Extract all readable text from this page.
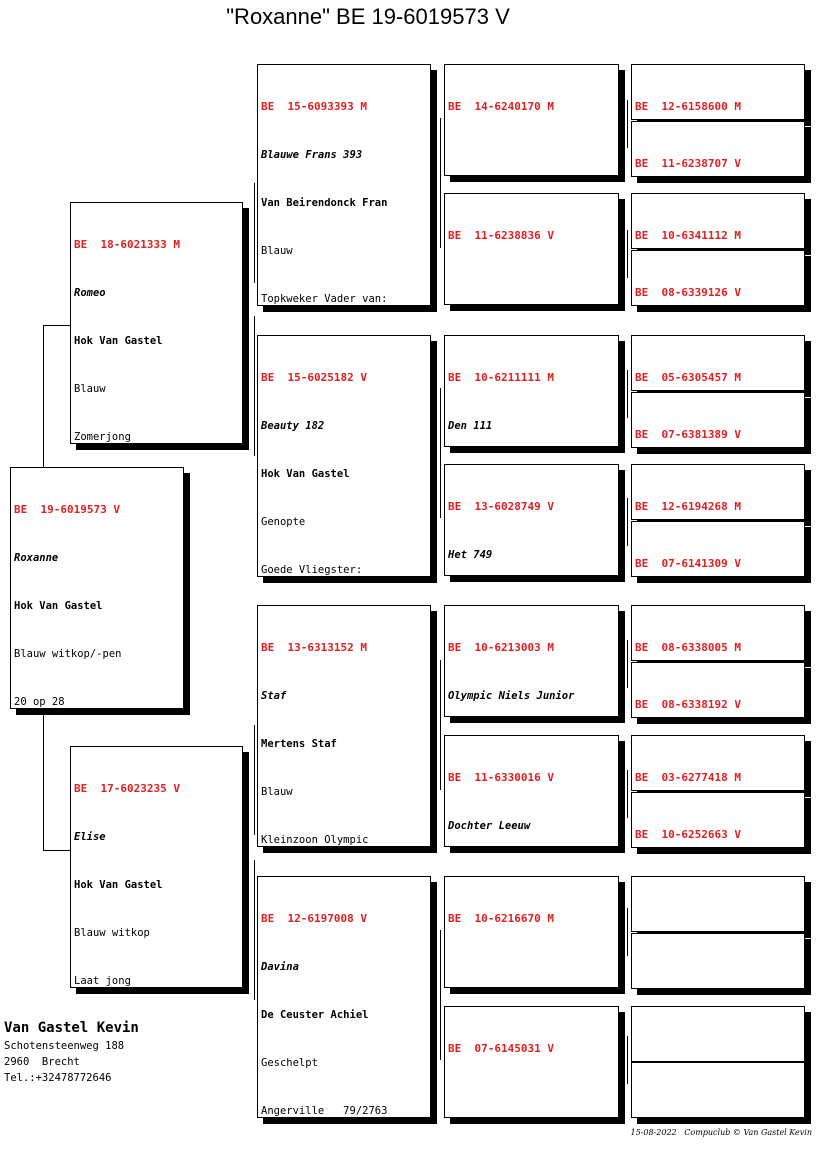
"Roxanne" BE 19-6019573 V

BE  19-6019573 V

Roxanne

Hok Van Gastel

Blauw witkop/-pen

20 op 28

BE  18-6021333 M

Romeo

Hok Van Gastel

Blauw

Zomerjong

BE  17-6023235 V

Elise

Hok Van Gastel

Blauw witkop

Laat jong

BE  15-6093393 M

Blauwe Frans 393

Van Beirendonck Fran

Blauw

Topkweker Vader van:

BE  15-6025182 V

Beauty 182

Hok Van Gastel

Genopte

Goede Vliegster:

BE  13-6313152 M

Staf

Mertens Staf

Blauw

Kleinzoon Olympic

BE  12-6197008 V

Davina

De Ceuster Achiel

Geschelpt

Angerville   79/2763

BE  14-6240170 M

BE  11-6238836 V

BE  10-6211111 M

Den 111

BE  13-6028749 V

Het 749

BE  10-6213003 M

Olympic Niels Junior

BE  11-6330016 V

Dochter Leeuw

BE  10-6216670 M

BE  07-6145031 V

BE  12-6158600 M

BE  11-6238707 V

BE  10-6341112 M

BE  08-6339126 V

BE  05-6305457 M

BE  07-6381389 V

BE  12-6194268 M

BE  07-6141309 V

BE  08-6338005 M

BE  08-6338192 V

BE  03-6277418 M

BE  10-6252663 V

Van Gastel Kevin
Schotensteenweg 188
2960  Brecht
Tel.:+32478772646
15-08-2022   Compuclub © Van Gastel Kevin
